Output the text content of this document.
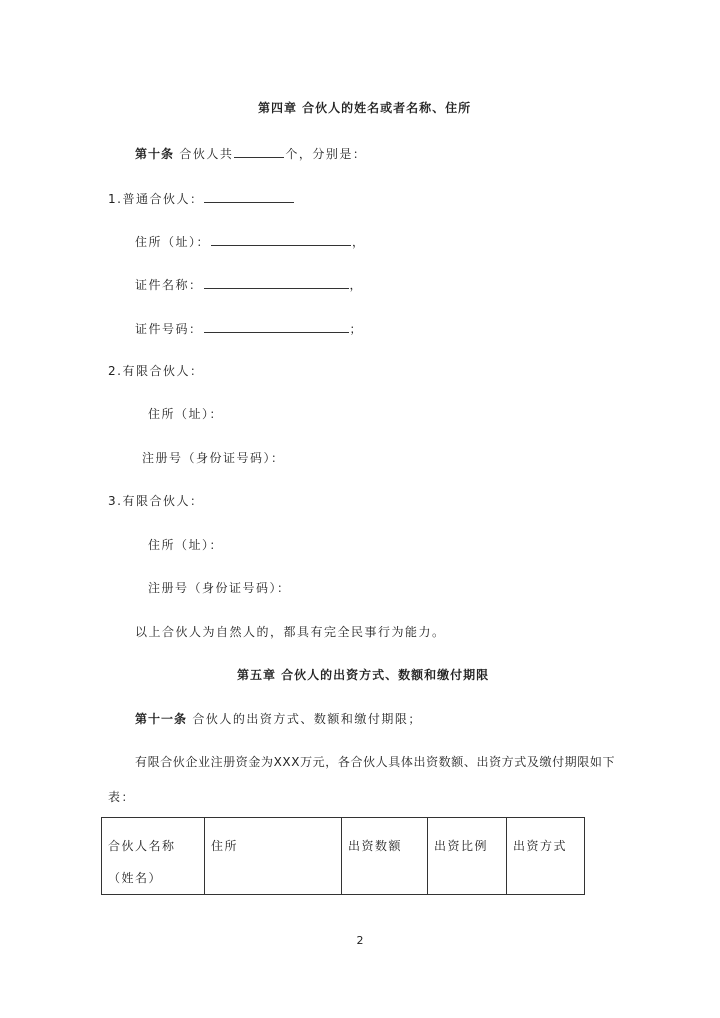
第四章 合伙人的姓名或者名称、住所
第十条 合伙人共	个，分别是：
1.普通合伙人：
住所（址）：	，
证件名称：	，
证件号码：	；
2.有限合伙人：
住所（址）：
注册号（身份证号码）：
3.有限合伙人：
住所（址）：
注册号（身份证号码）：
以上合伙人为自然人的，都具有完全民事行为能力。
第五章 合伙人的出资方式、数额和缴付期限
第十一条 合伙人的出资方式、数额和缴付期限；
有限合伙企业注册资金为XXX万元，各合伙人具体出资数额、出资方式及缴付期限如下
表：
合伙人名称（姓名）	住所	出资数额	出资比例	出资方式
2
